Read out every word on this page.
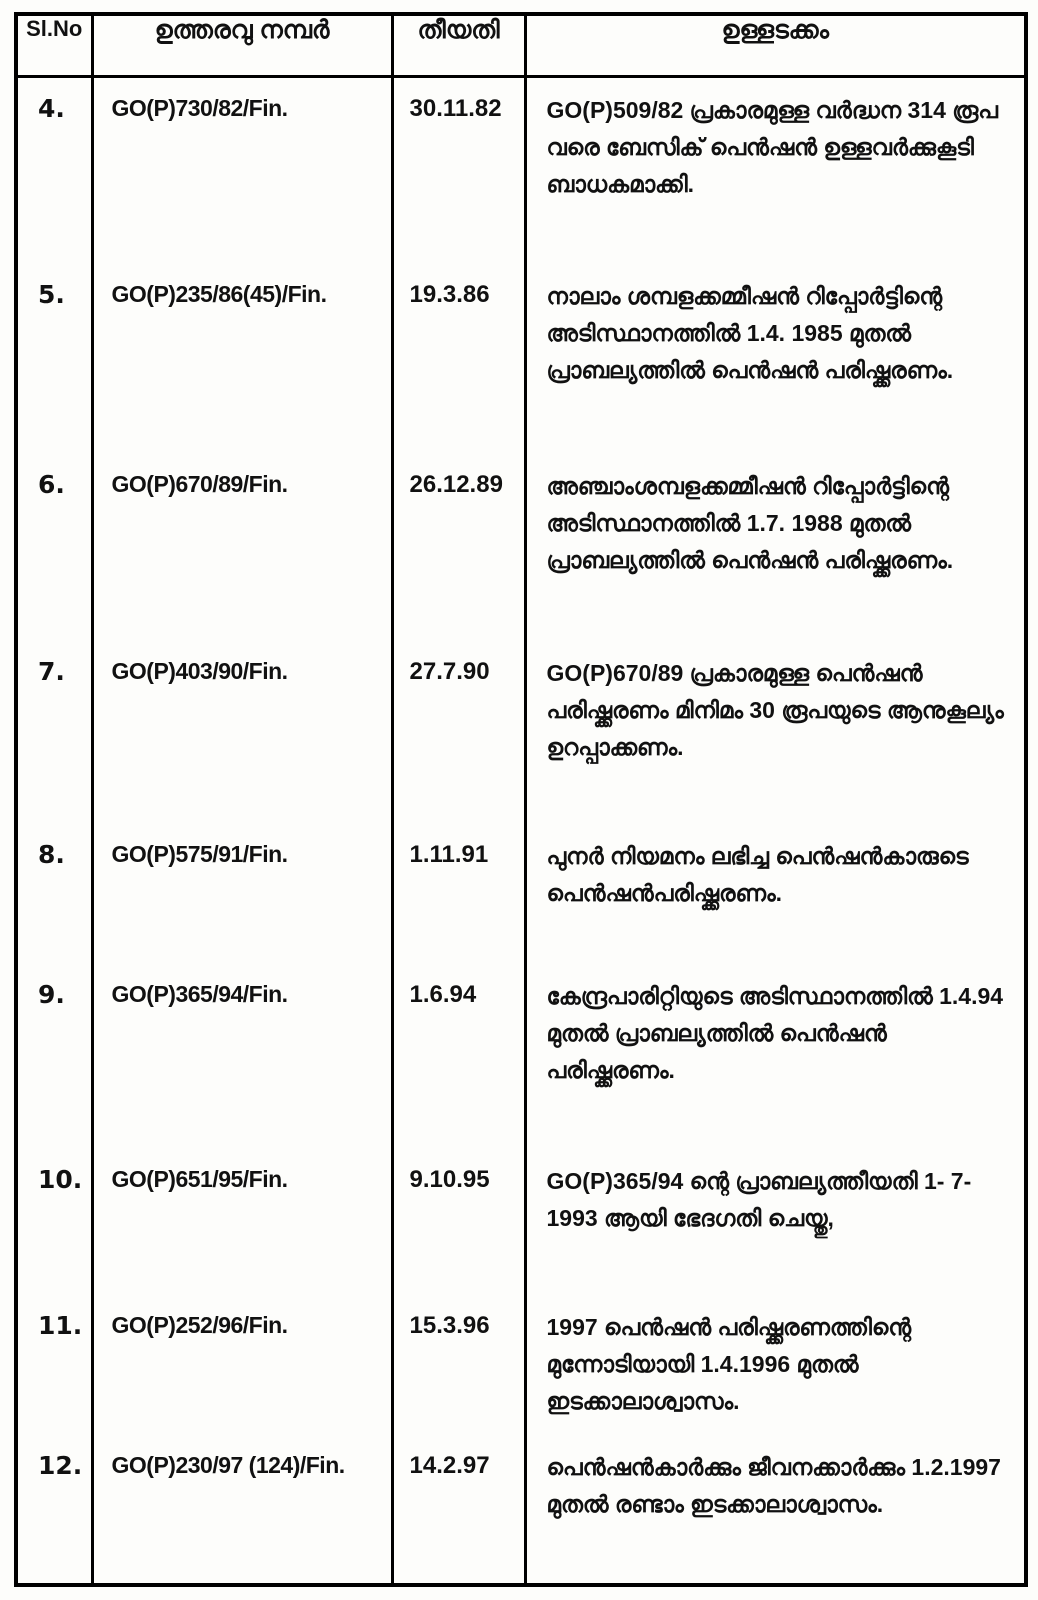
Sl.No	ഉത്തരവു നമ്പർ	തീയതി	ഉള്ളടക്കം
4.	GO(P)730/82/Fin.	30.11.82	GO(P)509/82 പ്രകാരമുള്ള വർദ്ധന 314 രൂപ വരെ ബേസിക് പെൻഷൻ ഉള്ളവർക്കുകൂടി ബാധകമാക്കി.
5.	GO(P)235/86(45)/Fin.	19.3.86	നാലാം ശമ്പളക്കമ്മീഷൻ റിപ്പോർട്ടിന്റെ അടിസ്ഥാനത്തിൽ 1.4. 1985 മുതൽ പ്രാബല്യത്തിൽ പെൻഷൻ പരിഷ്ക്കരണം.
6.	GO(P)670/89/Fin.	26.12.89	അഞ്ചാംശമ്പളക്കമ്മീഷൻ റിപ്പോർട്ടിന്റെ അടിസ്ഥാനത്തിൽ 1.7. 1988 മുതൽ പ്രാബല്യത്തിൽ പെൻഷൻ പരിഷ്ക്കരണം.
7.	GO(P)403/90/Fin.	27.7.90	GO(P)670/89 പ്രകാരമുള്ള പെൻഷൻ പരിഷ്ക്കരണം മിനിമം 30 രൂപയുടെ ആനുകൂല്യം ഉറപ്പാക്കണം.
8.	GO(P)575/91/Fin.	1.11.91	പുനർ നിയമനം ലഭിച്ച പെൻഷൻകാരുടെ പെൻഷൻപരിഷ്ക്കരണം.
9.	GO(P)365/94/Fin.	1.6.94	കേന്ദ്രപാരിറ്റിയുടെ അടിസ്ഥാനത്തിൽ 1.4.94 മുതൽ പ്രാബല്യത്തിൽ പെൻഷൻ പരിഷ്ക്കരണം.
10.	GO(P)651/95/Fin.	9.10.95	GO(P)365/94 ന്റെ പ്രാബല്യത്തീയതി 1- 7- 1993 ആയി ഭേദഗതി ചെയ്തു,
11.	GO(P)252/96/Fin.	15.3.96	1997 പെൻഷൻ പരിഷ്ക്കരണത്തിന്റെ മുന്നോടിയായി 1.4.1996 മുതൽ ഇടക്കാലാശ്വാസം.
12.	GO(P)230/97 (124)/Fin.	14.2.97	പെൻഷൻകാർക്കും ജീവനക്കാർക്കും 1.2.1997 മുതൽ രണ്ടാം ഇടക്കാലാശ്വാസം.
